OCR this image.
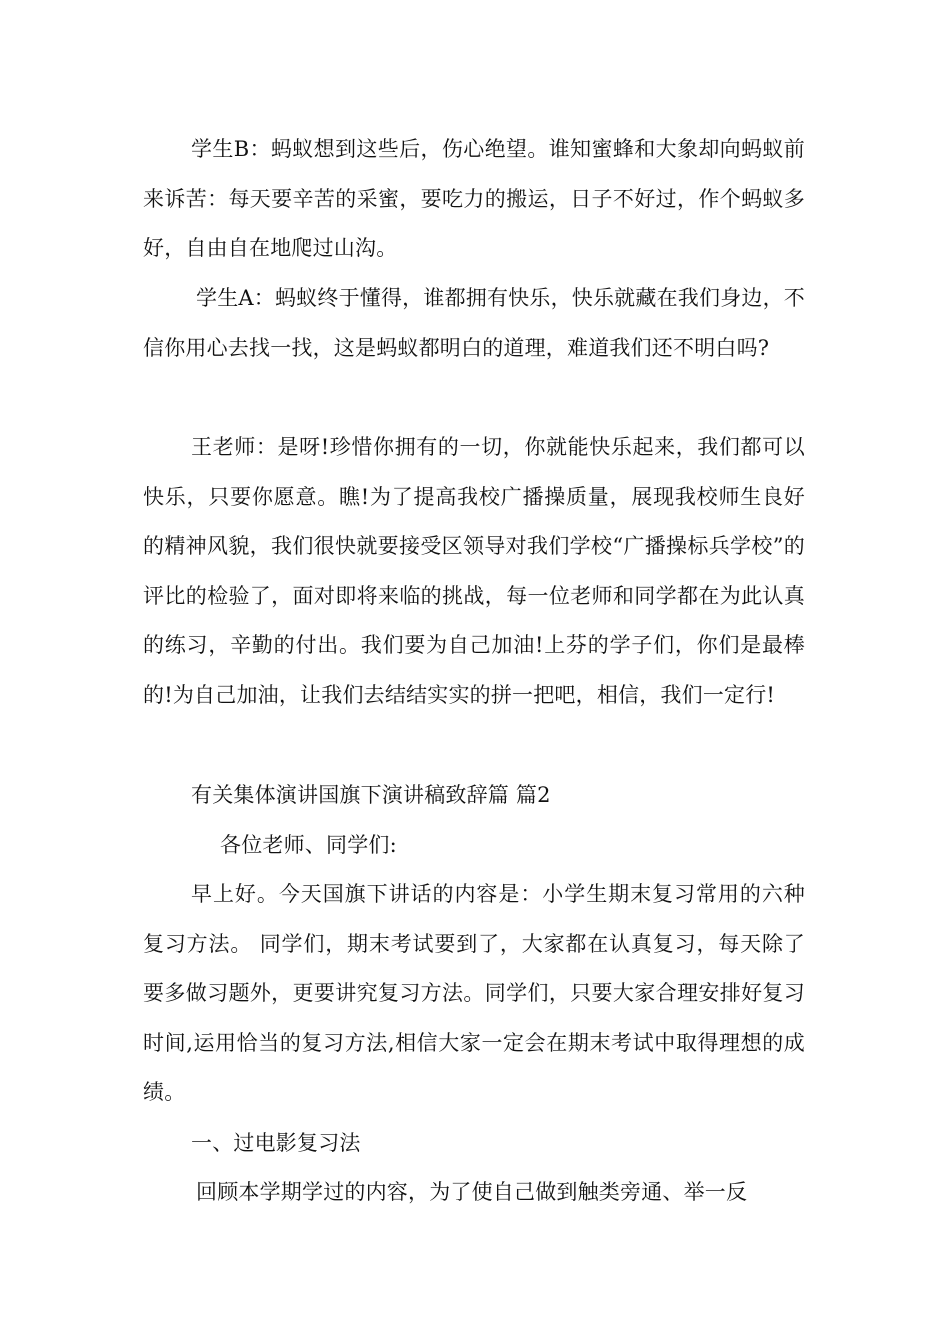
学生B：蚂蚁想到这些后，伤心绝望。谁知蜜蜂和大象却向蚂蚁前来诉苦：每天要辛苦的采蜜，要吃力的搬运，日子不好过，作个蚂蚁多好，自由自在地爬过山沟。

学生A：蚂蚁终于懂得，谁都拥有快乐，快乐就藏在我们身边，不信你用心去找一找，这是蚂蚁都明白的道理，难道我们还不明白吗?

王老师：是呀!珍惜你拥有的一切，你就能快乐起来，我们都可以快乐，只要你愿意。瞧!为了提高我校广播操质量，展现我校师生良好的精神风貌，我们很快就要接受区领导对我们学校“广播操标兵学校”的评比的检验了，面对即将来临的挑战，每一位老师和同学都在为此认真的练习，辛勤的付出。我们要为自己加油!上芬的学子们，你们是最棒的!为自己加油，让我们去结结实实的拼一把吧，相信，我们一定行!

有关集体演讲国旗下演讲稿致辞篇 篇2

各位老师、同学们:

早上好。今天国旗下讲话的内容是：小学生期末复习常用的六种复习方法。 同学们，期末考试要到了，大家都在认真复习，每天除了要多做习题外，更要讲究复习方法。同学们，只要大家合理安排好复习时间,运用恰当的复习方法,相信大家一定会在期末考试中取得理想的成绩。

一、过电影复习法

回顾本学期学过的内容，为了使自己做到触类旁通、举一反
